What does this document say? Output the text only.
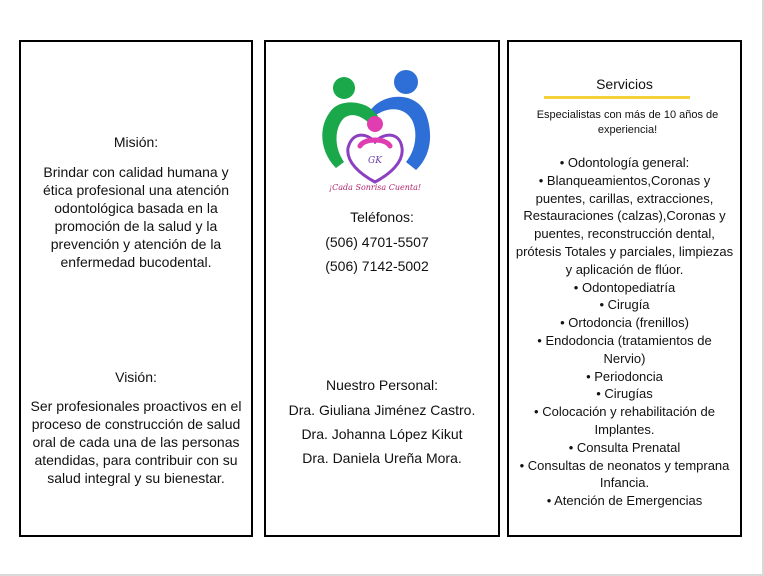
Misión:
Brindar con calidad humana y ética profesional una atención odontológica basada en la promoción de la salud y la prevención y atención de la enfermedad bucodental.
Visión:
Ser profesionales proactivos en el proceso de construcción de salud oral de cada una de las personas atendidas, para contribuir con su salud integral y su bienestar.
GK
¡Cada Sonrisa Cuenta!
Teléfonos:
(506) 4701-5507
(506) 7142-5002
Nuestro Personal:
Dra. Giuliana Jiménez Castro.
Dra. Johanna López Kikut
Dra. Daniela Ureña Mora.
Servicios
Especialistas con más de 10 años de experiencia!
• Odontología general:
• Blanqueamientos,Coronas y puentes, carillas, extracciones, Restauraciones (calzas),Coronas y puentes, reconstrucción dental, prótesis Totales y parciales, limpiezas y aplicación de flúor.
• Odontopediatría
• Cirugía
• Ortodoncia (frenillos)
• Endodoncia (tratamientos de Nervio)
• Periodoncia
• Cirugías
• Colocación y rehabilitación de Implantes.
• Consulta Prenatal
• Consultas de neonatos y temprana Infancia.
• Atención de Emergencias
